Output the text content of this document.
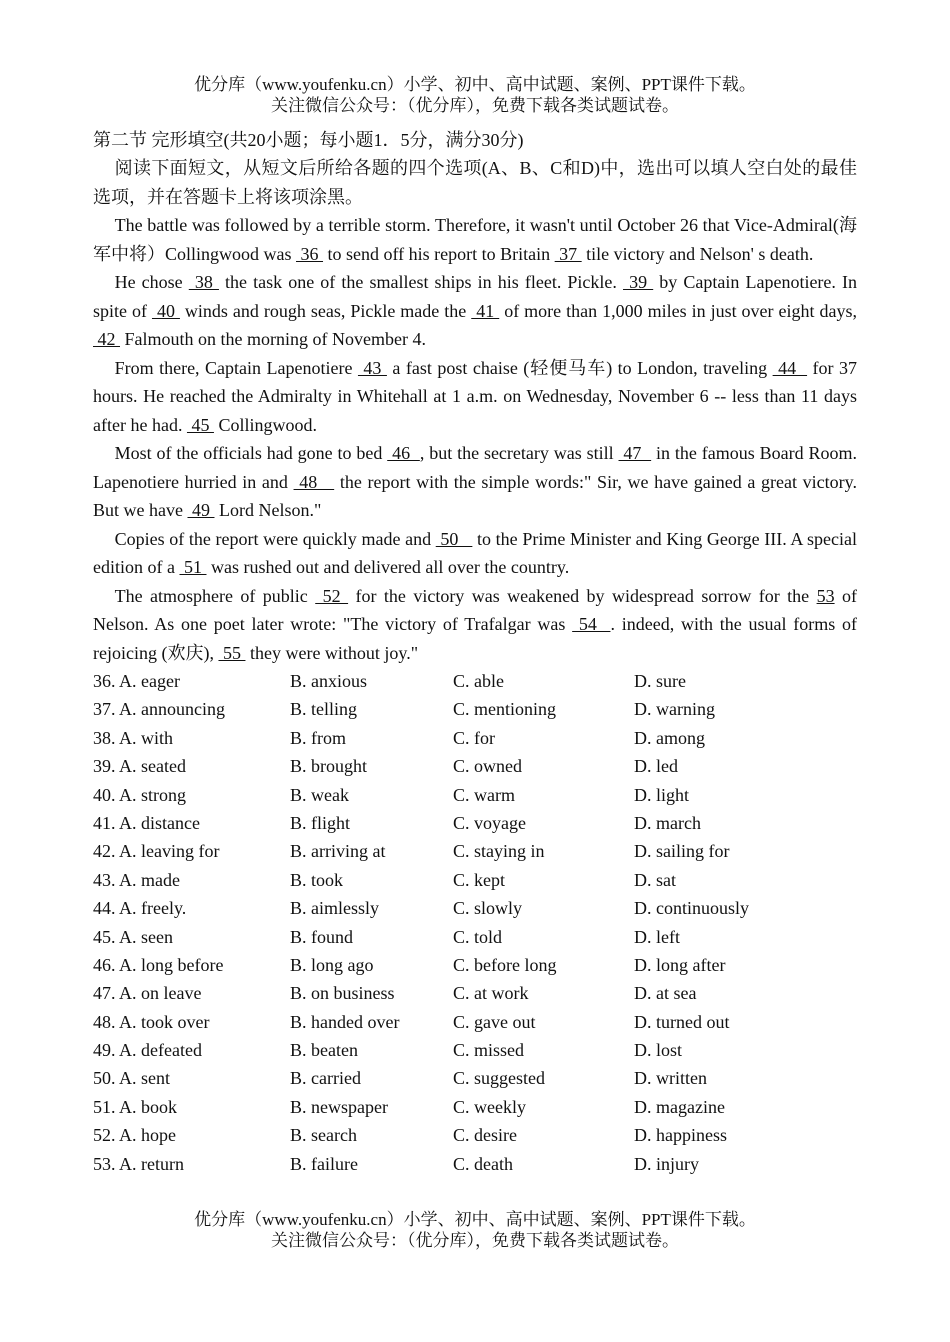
优分库（www.youfenku.cn）小学、初中、高中试题、案例、PPT课件下载。
关注微信公众号：（优分库），免费下载各类试题试卷。
第二节 完形填空(共20小题；每小题1．5分，满分30分)

阅读下面短文，从短文后所给各题的四个选项(A、B、C和D)中，选出可以填人空白处的最佳选项，并在答题卡上将该项涂黑。

The battle was followed by a terrible storm. Therefore, it wasn't until October 26 that Vice-Admiral(海军中将）Collingwood was  36  to send off his report to Britain  37  tile victory and Nelson' s death.

He chose  38  the task one of the smallest ships in his fleet. Pickle.  39  by Captain Lapenotiere. In spite of  40  winds and rough seas, Pickle made the  41  of more than 1,000 miles in just over eight days,  42  Falmouth on the morning of November 4.

From there, Captain Lapenotiere  43  a fast post chaise (轻便马车) to London, traveling  44   for 37 hours. He reached the Admiralty in Whitehall at 1 a.m. on Wednesday, November 6 -- less than 11 days after he had.  45  Collingwood.

Most of the officials had gone to bed  46  , but the secretary was still  47   in the famous Board Room. Lapenotiere hurried in and  48    the report with the simple words:" Sir, we have gained a great victory. But we have  49  Lord Nelson."

Copies of the report were quickly made and  50    to the Prime Minister and King George III. A special edition of a  51  was rushed out and delivered all over the country.

The atmosphere of public  52  for the victory was weakened by widespread sorrow for the 53 of Nelson. As one poet later wrote: "The victory of Trafalgar was  54  . indeed, with the usual forms of rejoicing (欢庆),  55  they were without joy."

36. A. eager	B. anxious	C. able	D. sure
37. A. announcing	B. telling	C. mentioning	D. warning
38. A. with	B. from	C. for	D. among
39. A. seated	B. brought	C. owned	D. led
40. A. strong	B. weak	C. warm	D. light
41. A. distance	B. flight	C. voyage	D. march
42. A. leaving for	B. arriving at	C. staying in	D. sailing for
43. A. made	B. took	C. kept	D. sat
44. A. freely.	B. aimlessly	C. slowly	D. continuously
45. A. seen	B. found	C. told	D. left
46. A. long before	B. long ago	C. before long	D. long after
47. A. on leave	B. on business	C. at work	D. at sea
48. A. took over	B. handed over	C. gave out	D. turned out
49. A. defeated	B. beaten	C. missed	D. lost
50. A. sent	B. carried	C. suggested	D. written
51. A. book	B. newspaper	C. weekly	D. magazine
52. A. hope	B. search	C. desire	D. happiness
53. A. return	B. failure	C. death	D. injury
优分库（www.youfenku.cn）小学、初中、高中试题、案例、PPT课件下载。
关注微信公众号：（优分库），免费下载各类试题试卷。
